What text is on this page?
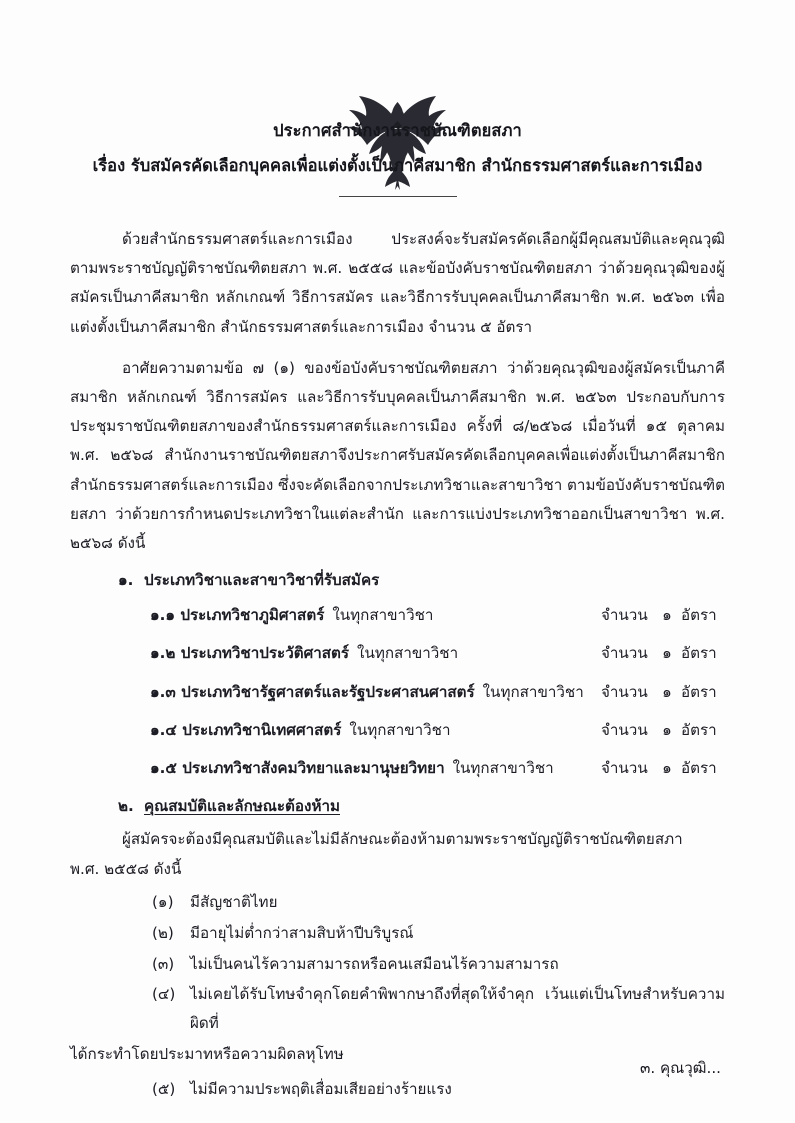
ประกาศสำนักงานราชบัณฑิตยสภา
เรื่อง รับสมัครคัดเลือกบุคคลเพื่อแต่งตั้งเป็นภาคีสมาชิก สำนักธรรมศาสตร์และการเมือง

ด้วยสำนักธรรมศาสตร์และการเมือง ประสงค์จะรับสมัครคัดเลือกผู้มีคุณสมบัติและคุณวุฒิตามพระราชบัญญัติราชบัณฑิตยสภา พ.ศ. ๒๕๕๘ และข้อบังคับราชบัณฑิตยสภา ว่าด้วยคุณวุฒิของผู้สมัครเป็นภาคีสมาชิก หลักเกณฑ์ วิธีการสมัคร และวิธีการรับบุคคลเป็นภาคีสมาชิก พ.ศ. ๒๕๖๓ เพื่อแต่งตั้งเป็นภาคีสมาชิก สำนักธรรมศาสตร์และการเมือง จำนวน ๕ อัตรา

อาศัยความตามข้อ ๗ (๑) ของข้อบังคับราชบัณฑิตยสภา ว่าด้วยคุณวุฒิของผู้สมัครเป็นภาคีสมาชิก หลักเกณฑ์ วิธีการสมัคร และวิธีการรับบุคคลเป็นภาคีสมาชิก พ.ศ. ๒๕๖๓ ประกอบกับการประชุมราชบัณฑิตยสภาของสำนักธรรมศาสตร์และการเมือง ครั้งที่ ๘/๒๕๖๘ เมื่อวันที่ ๑๕ ตุลาคม พ.ศ. ๒๕๖๘ สำนักงานราชบัณฑิตยสภาจึงประกาศรับสมัครคัดเลือกบุคคลเพื่อแต่งตั้งเป็นภาคีสมาชิก สำนักธรรมศาสตร์และการเมือง ซึ่งจะคัดเลือกจากประเภทวิชาและสาขาวิชา ตามข้อบังคับราชบัณฑิตยสภา ว่าด้วยการกำหนดประเภทวิชาในแต่ละสำนัก และการแบ่งประเภทวิชาออกเป็นสาขาวิชา พ.ศ. ๒๕๖๘ ดังนี้

๑. ประเภทวิชาและสาขาวิชาที่รับสมัคร
๑.๑ ประเภทวิชาภูมิศาสตร์ ในทุกสาขาวิชา	จำนวน ๑ อัตรา
๑.๒ ประเภทวิชาประวัติศาสตร์ ในทุกสาขาวิชา	จำนวน ๑ อัตรา
๑.๓ ประเภทวิชารัฐศาสตร์และรัฐประศาสนศาสตร์ ในทุกสาขาวิชา	จำนวน ๑ อัตรา
๑.๔ ประเภทวิชานิเทศศาสตร์ ในทุกสาขาวิชา	จำนวน ๑ อัตรา
๑.๕ ประเภทวิชาสังคมวิทยาและมานุษยวิทยา ในทุกสาขาวิชา	จำนวน ๑ อัตรา
๒. คุณสมบัติและลักษณะต้องห้าม

ผู้สมัครจะต้องมีคุณสมบัติและไม่มีลักษณะต้องห้ามตามพระราชบัญญัติราชบัณฑิตยสภา

พ.ศ. ๒๕๕๘ ดังนี้

(๑)	มีสัญชาติไทย
(๒)	มีอายุไม่ต่ำกว่าสามสิบห้าปีบริบูรณ์
(๓)	ไม่เป็นคนไร้ความสามารถหรือคนเสมือนไร้ความสามารถ
(๔) ไม่เคยได้รับโทษจำคุกโดยคำพิพากษาถึงที่สุดให้จำคุก เว้นแต่เป็นโทษสำหรับความผิดที่
ได้กระทำโดยประมาทหรือความผิดลหุโทษ
(๕) ไม่มีความประพฤติเสื่อมเสียอย่างร้ายแรง
๓. คุณวุฒิ...
